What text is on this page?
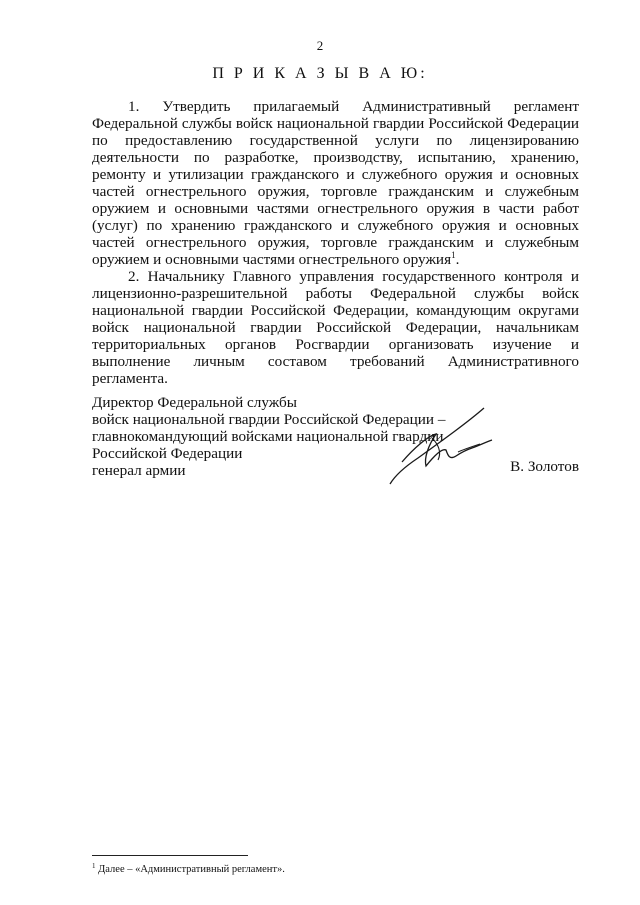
2
П Р И К А З Ы В А Ю:

1. Утвердить прилагаемый Административный регламент Федеральной службы войск национальной гвардии Российской Федерации по предоставлению государственной услуги по лицензированию деятельности по разработке, производству, испытанию, хранению, ремонту и утилизации гражданского и служебного оружия и основных частей огнестрельного оружия, торговле гражданским и служебным оружием и основными частями огнестрельного оружия в части работ (услуг) по хранению гражданского и служебного оружия и основных частей огнестрельного оружия, торговле гражданским и служебным оружием и основными частями огнестрельного оружия$^1$.

2. Начальнику Главного управления государственного контроля и лицензионно-разрешительной работы Федеральной службы войск национальной гвардии Российской Федерации, командующим округами войск национальной гвардии Российской Федерации, начальникам территориальных органов Росгвардии организовать изучение и выполнение личным составом требований Административного регламента.

Директор Федеральной службы
войск национальной гвардии Российской Федерации –
главнокомандующий войсками национальной гвардии
Российской Федерации
генерал армии	В. Золотов
$^1$ Далее – «Административный регламент».
